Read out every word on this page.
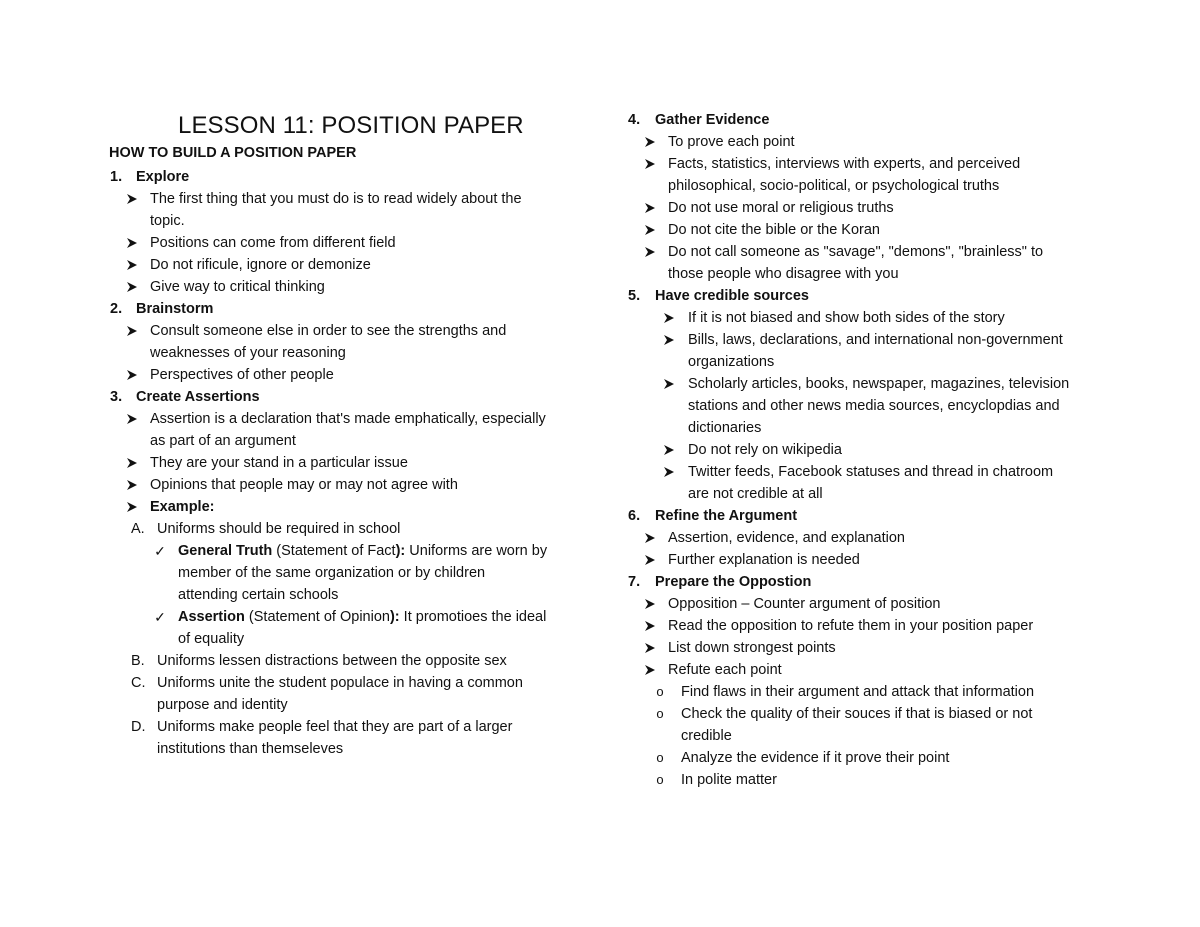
LESSON 11: POSITION PAPER
HOW TO BUILD A POSITION PAPER
1. Explore
The first thing that you must do is to read widely about the
topic.
Positions can come from different field
Do not rificule, ignore or demonize
Give way to critical thinking
2. Brainstorm
Consult someone else in order to see the strengths and
weaknesses of your reasoning
Perspectives of other people
3. Create Assertions
Assertion is a declaration that's made emphatically, especially
as part of an argument
They are your stand in a particular issue
Opinions that people may or may not agree with
Example:
A. Uniforms should be required in school
✓ General Truth (Statement of Fact): Uniforms are worn by
member of the same organization or by children
attending certain schools
✓ Assertion (Statement of Opinion): It promotioes the ideal
of equality
B. Uniforms lessen distractions between the opposite sex
C. Uniforms unite the student populace in having a common
purpose and identity
D. Uniforms make people feel that they are part of a larger
institutions than themseleves
4. Gather Evidence
To prove each point
Facts, statistics, interviews with experts, and perceived
philosophical, socio-political, or psychological truths
Do not use moral or religious truths
Do not cite the bible or the Koran
Do not call someone as "savage", "demons", "brainless" to
those people who disagree with you
5. Have credible sources
If it is not biased and show both sides of the story
Bills, laws, declarations, and international non-government
organizations
Scholarly articles, books, newspaper, magazines, television
stations and other news media sources, encyclopdias and
dictionaries
Do not rely on wikipedia
Twitter feeds, Facebook statuses and thread in chatroom
are not credible at all
6. Refine the Argument
Assertion, evidence, and explanation
Further explanation is needed
7. Prepare the Oppostion
Opposition – Counter argument of position
Read the opposition to refute them in your position paper
List down strongest points
Refute each point
o	Find flaws in their argument and attack that information
o	Check the quality of their souces if that is biased or not
credible
o	Analyze the evidence if it prove their point
o	In polite matter
